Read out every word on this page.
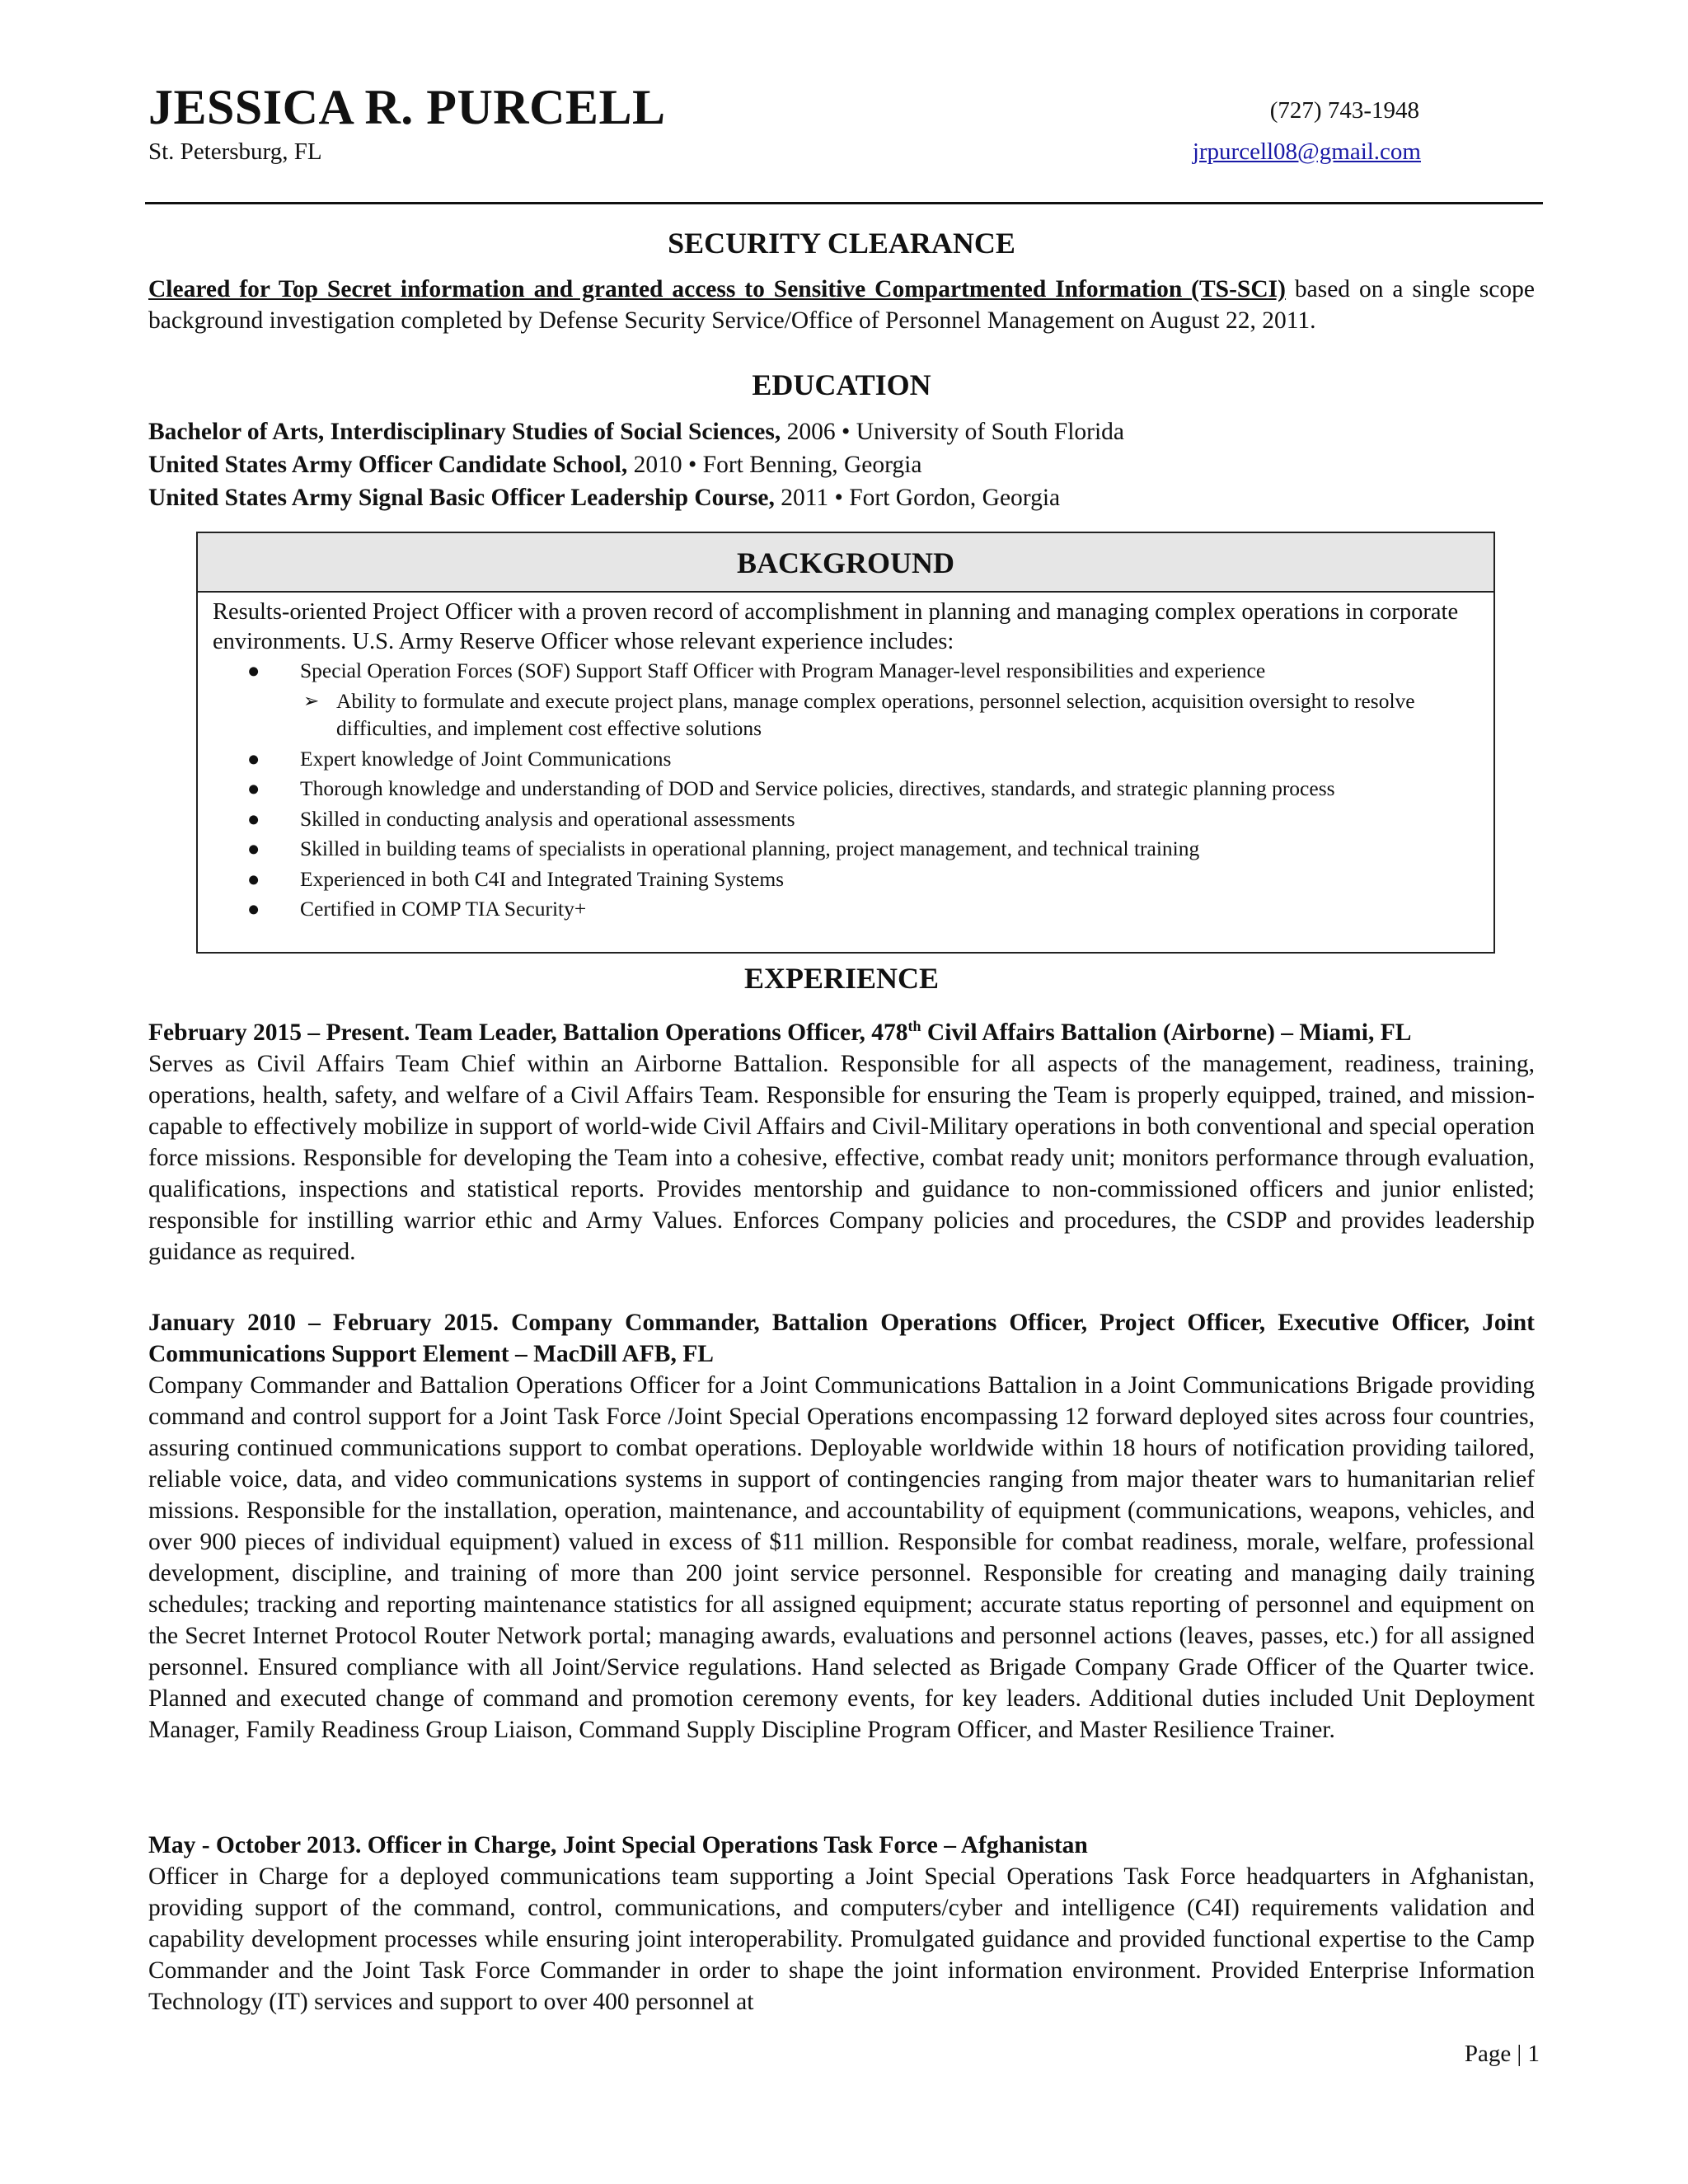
JESSICA R. PURCELL	(727) 743-1948
St. Petersburg, FL	jrpurcell08@gmail.com
SECURITY CLEARANCE

Cleared for Top Secret information and granted access to Sensitive Compartmented Information (TS-SCI) based on a single scope background investigation completed by Defense Security Service/Office of Personnel Management on August 22, 2011.

EDUCATION
Bachelor of Arts, Interdisciplinary Studies of Social Sciences, 2006 • University of South Florida
United States Army Officer Candidate School, 2010 • Fort Benning, Georgia
United States Army Signal Basic Officer Leadership Course, 2011 • Fort Gordon, Georgia
BACKGROUND
Results-oriented Project Officer with a proven record of accomplishment in planning and managing complex operations in corporate environments. U.S. Army Reserve Officer whose relevant experience includes:
● Special Operation Forces (SOF) Support Staff Officer with Program Manager-level responsibilities and experience
➢ Ability to formulate and execute project plans, manage complex operations, personnel selection, acquisition oversight to resolve difficulties, and implement cost effective solutions
● Expert knowledge of Joint Communications
● Thorough knowledge and understanding of DOD and Service policies, directives, standards, and strategic planning process
● Skilled in conducting analysis and operational assessments
● Skilled in building teams of specialists in operational planning, project management, and technical training
● Experienced in both C4I and Integrated Training Systems
● Certified in COMP TIA Security+
EXPERIENCE

February 2015 – Present. Team Leader, Battalion Operations Officer, 478th Civil Affairs Battalion (Airborne) – Miami, FL

Serves as Civil Affairs Team Chief within an Airborne Battalion. Responsible for all aspects of the management, readiness, training, operations, health, safety, and welfare of a Civil Affairs Team. Responsible for ensuring the Team is properly equipped, trained, and mission- capable to effectively mobilize in support of world-wide Civil Affairs and Civil-Military operations in both conventional and special operation force missions. Responsible for developing the Team into a cohesive, effective, combat ready unit; monitors performance through evaluation, qualifications, inspections and statistical reports. Provides mentorship and guidance to non-commissioned officers and junior enlisted; responsible for instilling warrior ethic and Army Values. Enforces Company policies and procedures, the CSDP and provides leadership guidance as required.

January 2010 – February 2015. Company Commander, Battalion Operations Officer, Project Officer, Executive Officer, Joint Communications Support Element – MacDill AFB, FL

Company Commander and Battalion Operations Officer for a Joint Communications Battalion in a Joint Communications Brigade providing command and control support for a Joint Task Force /Joint Special Operations encompassing 12 forward deployed sites across four countries, assuring continued communications support to combat operations. Deployable worldwide within 18 hours of notification providing tailored, reliable voice, data, and video communications systems in support of contingencies ranging from major theater wars to humanitarian relief missions. Responsible for the installation, operation, maintenance, and accountability of equipment (communications, weapons, vehicles, and over 900 pieces of individual equipment) valued in excess of $11 million. Responsible for combat readiness, morale, welfare, professional development, discipline, and training of more than 200 joint service personnel. Responsible for creating and managing daily training schedules; tracking and reporting maintenance statistics for all assigned equipment; accurate status reporting of personnel and equipment on the Secret Internet Protocol Router Network portal; managing awards, evaluations and personnel actions (leaves, passes, etc.) for all assigned personnel. Ensured compliance with all Joint/Service regulations. Hand selected as Brigade Company Grade Officer of the Quarter twice. Planned and executed change of command and promotion ceremony events, for key leaders. Additional duties included Unit Deployment Manager, Family Readiness Group Liaison, Command Supply Discipline Program Officer, and Master Resilience Trainer.

May - October 2013. Officer in Charge, Joint Special Operations Task Force – Afghanistan

Officer in Charge for a deployed communications team supporting a Joint Special Operations Task Force headquarters in Afghanistan, providing support of the command, control, communications, and computers/cyber and intelligence (C4I) requirements validation and capability development processes while ensuring joint interoperability. Promulgated guidance and provided functional expertise to the Camp Commander and the Joint Task Force Commander in order to shape the joint information environment. Provided Enterprise Information Technology (IT) services and support to over 400 personnel at

Page | 1
